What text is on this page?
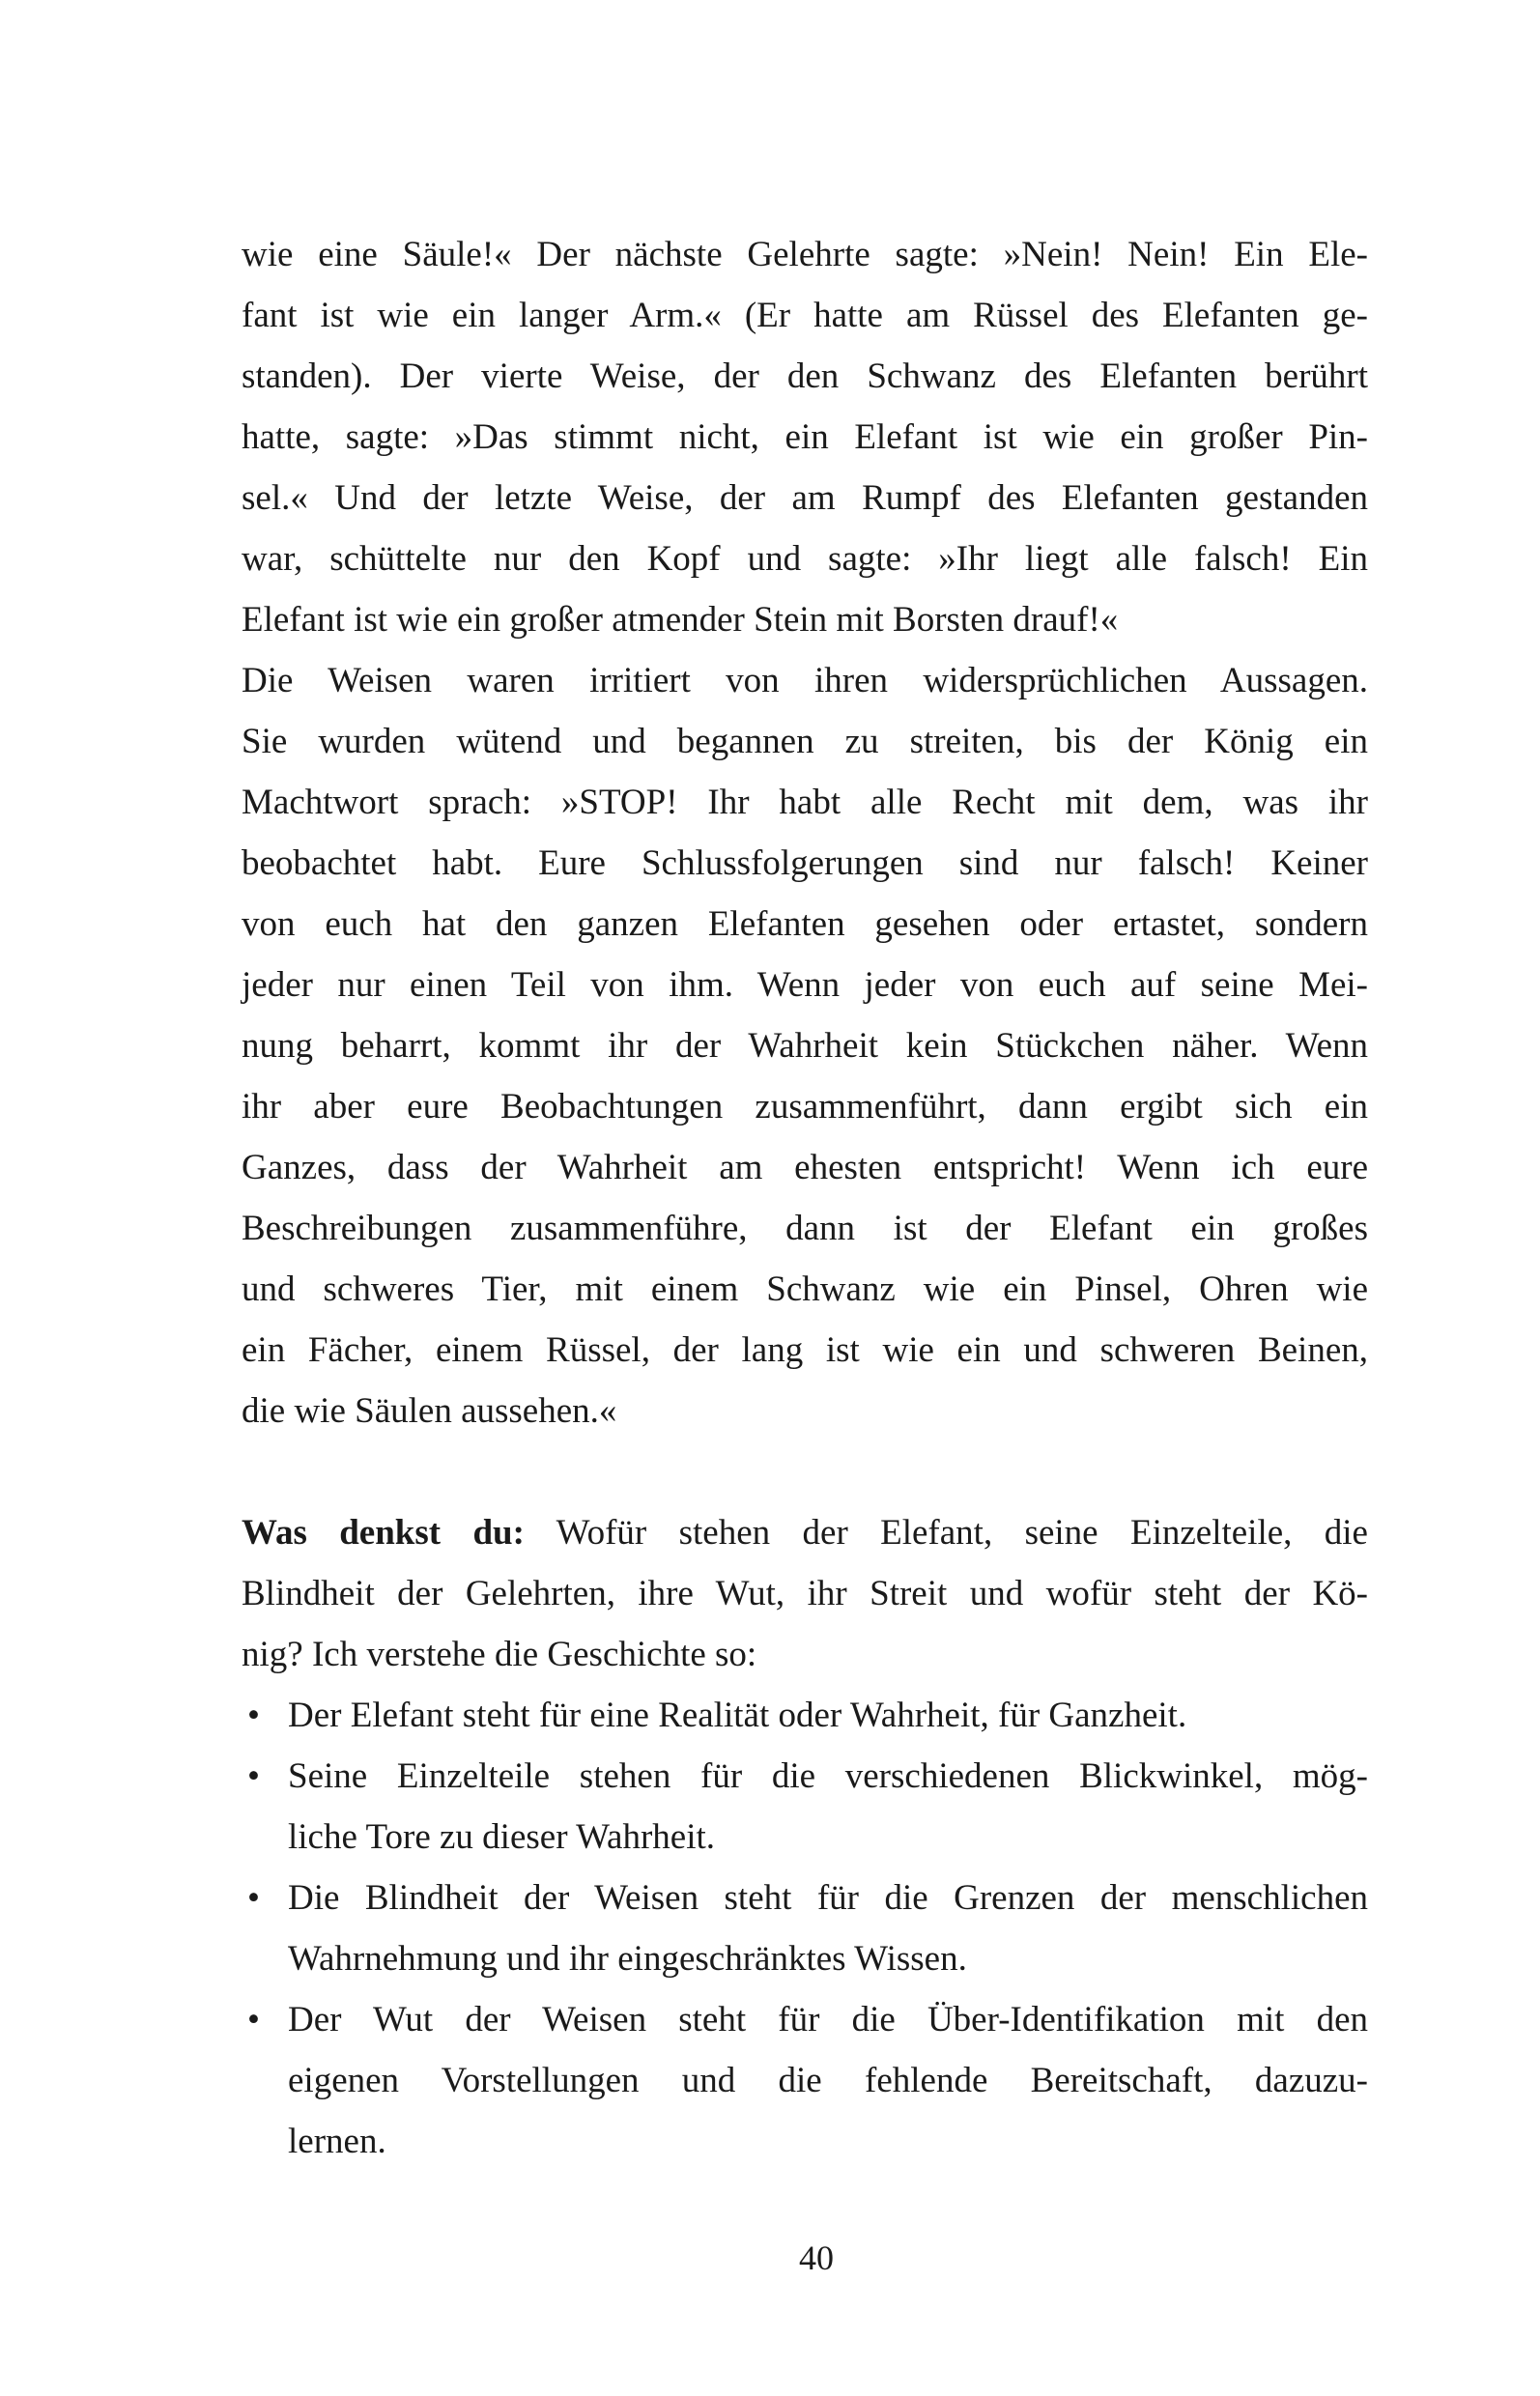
wie eine Säule!« Der nächste Gelehrte sagte: »Nein! Nein! Ein Ele-
fant ist wie ein langer Arm.« (Er hatte am Rüssel des Elefanten ge-
standen). Der vierte Weise, der den Schwanz des Elefanten berührt
hatte, sagte: »Das stimmt nicht, ein Elefant ist wie ein großer Pin-
sel.« Und der letzte Weise, der am Rumpf des Elefanten gestanden
war, schüttelte nur den Kopf und sagte: »Ihr liegt alle falsch! Ein
Elefant ist wie ein großer atmender Stein mit Borsten drauf!«
Die Weisen waren irritiert von ihren widersprüchlichen Aussagen.
Sie wurden wütend und begannen zu streiten, bis der König ein
Machtwort sprach: »STOP! Ihr habt alle Recht mit dem, was ihr
beobachtet habt. Eure Schlussfolgerungen sind nur falsch! Keiner
von euch hat den ganzen Elefanten gesehen oder ertastet, sondern
jeder nur einen Teil von ihm. Wenn jeder von euch auf seine Mei-
nung beharrt, kommt ihr der Wahrheit kein Stückchen näher. Wenn
ihr aber eure Beobachtungen zusammenführt, dann ergibt sich ein
Ganzes, dass der Wahrheit am ehesten entspricht! Wenn ich eure
Beschreibungen zusammenführe, dann ist der Elefant ein großes
und schweres Tier, mit einem Schwanz wie ein Pinsel, Ohren wie
ein Fächer, einem Rüssel, der lang ist wie ein und schweren Beinen,
die wie Säulen aussehen.«
Was denkst du: Wofür stehen der Elefant, seine Einzelteile, die
Blindheit der Gelehrten, ihre Wut, ihr Streit und wofür steht der Kö-
nig? Ich verstehe die Geschichte so:
• Der Elefant steht für eine Realität oder Wahrheit, für Ganzheit.
• Seine Einzelteile stehen für die verschiedenen Blickwinkel, mög-
liche Tore zu dieser Wahrheit.
• Die Blindheit der Weisen steht für die Grenzen der menschlichen
Wahrnehmung und ihr eingeschränktes Wissen.
• Der Wut der Weisen steht für die Über-Identifikation mit den
eigenen Vorstellungen und die fehlende Bereitschaft, dazuzu-
lernen.
40
